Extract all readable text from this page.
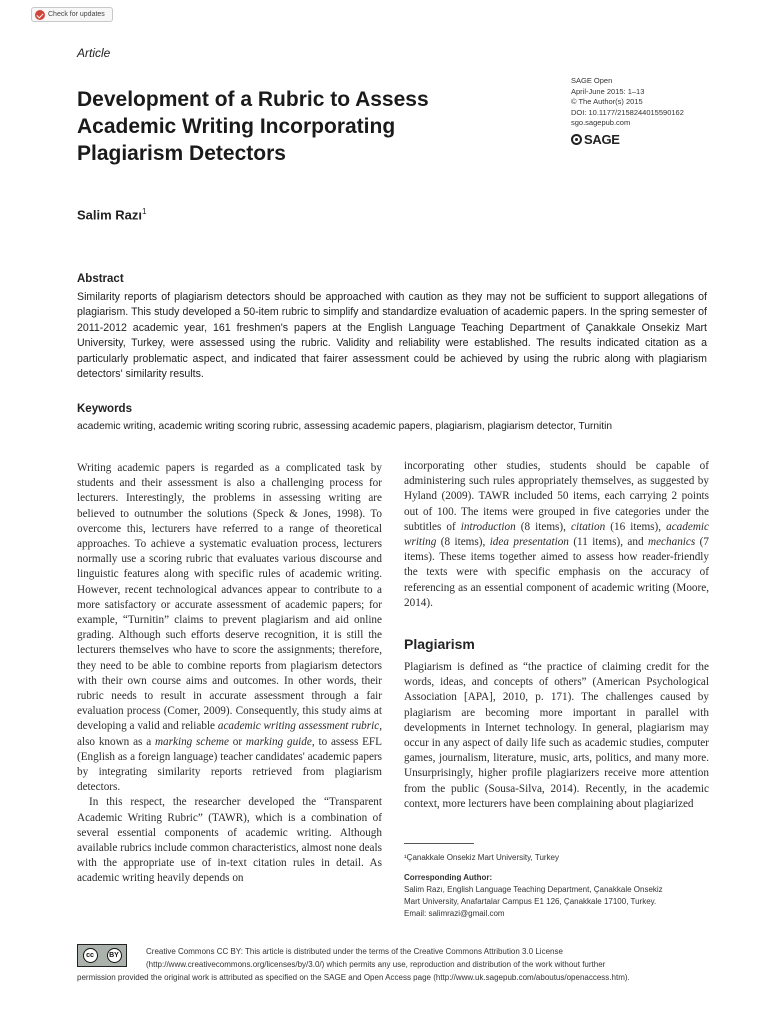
Check for updates
Article
Development of a Rubric to Assess Academic Writing Incorporating Plagiarism Detectors
SAGE Open
April-June 2015: 1–13
© The Author(s) 2015
DOI: 10.1177/2158244015590162
sgo.sagepub.com
SAGE
Salim Razı$^1$
Abstract
Similarity reports of plagiarism detectors should be approached with caution as they may not be sufficient to support allegations of plagiarism. This study developed a 50-item rubric to simplify and standardize evaluation of academic papers. In the spring semester of 2011-2012 academic year, 161 freshmen's papers at the English Language Teaching Department of Çanakkale Onsekiz Mart University, Turkey, were assessed using the rubric. Validity and reliability were established. The results indicated citation as a particularly problematic aspect, and indicated that fairer assessment could be achieved by using the rubric along with plagiarism detectors' similarity results.
Keywords
academic writing, academic writing scoring rubric, assessing academic papers, plagiarism, plagiarism detector, Turnitin

Writing academic papers is regarded as a complicated task by students and their assessment is also a challenging process for lecturers. Interestingly, the problems in assessing writing are believed to outnumber the solutions (Speck & Jones, 1998). To overcome this, lecturers have referred to a range of theoretical approaches. To achieve a systematic evaluation process, lecturers normally use a scoring rubric that evaluates various discourse and linguistic features along with specific rules of academic writing. However, recent technological advances appear to contribute to a more satisfactory or accurate assessment of academic papers; for example, “Turnitin” claims to prevent plagiarism and aid online grading. Although such efforts deserve recognition, it is still the lecturers themselves who have to score the assignments; therefore, they need to be able to combine reports from plagiarism detectors with their own course aims and outcomes. In other words, their rubric needs to result in accurate assessment through a fair evaluation process (Comer, 2009). Consequently, this study aims at developing a valid and reliable academic writing assessment rubric, also known as a marking scheme or marking guide, to assess EFL (English as a foreign language) teacher candidates' academic papers by integrating similarity reports retrieved from plagiarism detectors.

In this respect, the researcher developed the “Transparent Academic Writing Rubric” (TAWR), which is a combination of several essential components of academic writing. Although available rubrics include common characteristics, almost none deals with the appropriate use of in-text citation rules in detail. As academic writing heavily depends on

incorporating other studies, students should be capable of administering such rules appropriately themselves, as suggested by Hyland (2009). TAWR included 50 items, each carrying 2 points out of 100. The items were grouped in five categories under the subtitles of introduction (8 items), citation (16 items), academic writing (8 items), idea presentation (11 items), and mechanics (7 items). These items together aimed to assess how reader-friendly the texts were with specific emphasis on the accuracy of referencing as an essential component of academic writing (Moore, 2014).

Plagiarism

Plagiarism is defined as “the practice of claiming credit for the words, ideas, and concepts of others” (American Psychological Association [APA], 2010, p. 171). The challenges caused by plagiarism are becoming more important in parallel with developments in Internet technology. In general, plagiarism may occur in any aspect of daily life such as academic studies, computer games, journalism, literature, music, arts, politics, and many more. Unsurprisingly, higher profile plagiarizers receive more attention from the public (Sousa-Silva, 2014). Recently, in the academic context, more lecturers have been complaining about plagiarized

¹Çanakkale Onsekiz Mart University, Turkey
Corresponding Author:
Salim Razı, English Language Teaching Department, Çanakkale Onsekiz
Mart University, Anafartalar Campus E1 126, Çanakkale 17100, Turkey.
Email: salimrazi@gmail.com
cc	BY	Creative Commons CC BY: This article is distributed under the terms of the Creative Commons Attribution 3.0 License
(http://www.creativecommons.org/licenses/by/3.0/) which permits any use, reproduction and distribution of the work without further
permission provided the original work is attributed as specified on the SAGE and Open Access page (http://www.uk.sagepub.com/aboutus/openaccess.htm).
